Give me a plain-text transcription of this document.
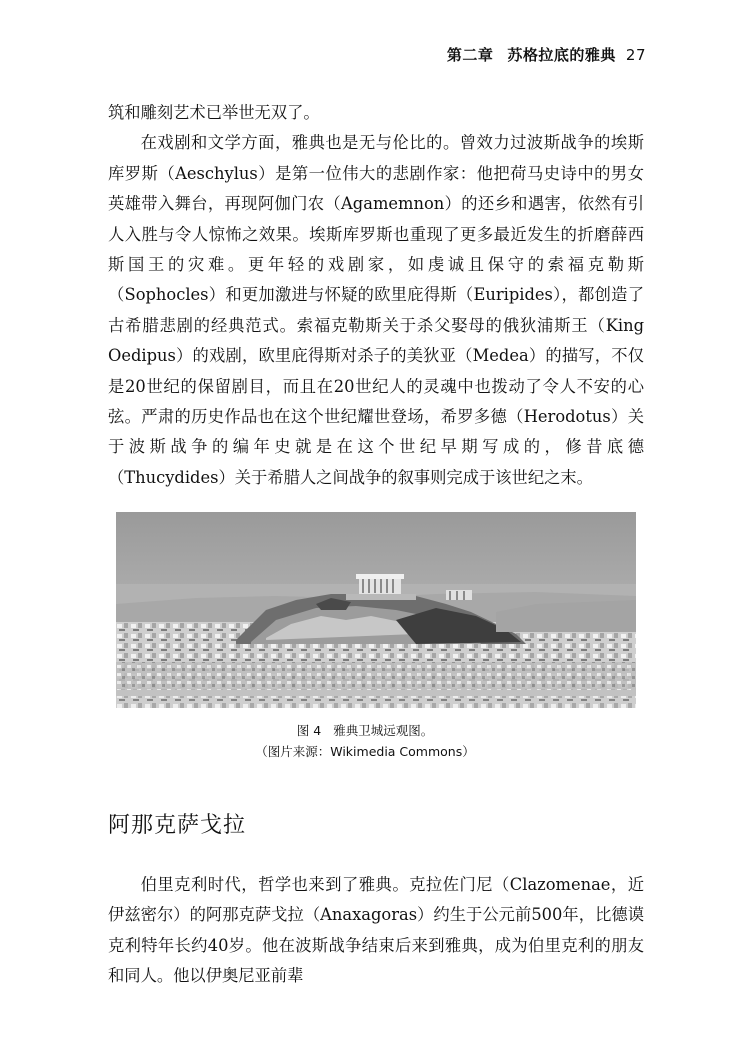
第二章 苏格拉底的雅典 27

筑和雕刻艺术已举世无双了。

在戏剧和文学方面，雅典也是无与伦比的。曾效力过波斯战争的埃斯库罗斯（Aeschylus）是第一位伟大的悲剧作家：他把荷马史诗中的男女英雄带入舞台，再现阿伽门农（Agamemnon）的还乡和遇害，依然有引人入胜与令人惊怖之效果。埃斯库罗斯也重现了更多最近发生的折磨薛西斯国王的灾难。更年轻的戏剧家，如虔诚且保守的索福克勒斯（Sophocles）和更加激进与怀疑的欧里庇得斯（Euripides），都创造了古希腊悲剧的经典范式。索福克勒斯关于杀父娶母的俄狄浦斯王（King Oedipus）的戏剧，欧里庇得斯对杀子的美狄亚（Medea）的描写，不仅是20世纪的保留剧目，而且在20世纪人的灵魂中也拨动了令人不安的心弦。严肃的历史作品也在这个世纪耀世登场，希罗多德（Herodotus）关于波斯战争的编年史就是在这个世纪早期写成的，修昔底德（Thucydides）关于希腊人之间战争的叙事则完成于该世纪之末。

图 4 雅典卫城远观图。
（图片来源：Wikimedia Commons）
阿那克萨戈拉

伯里克利时代，哲学也来到了雅典。克拉佐门尼（Clazomenae，近伊兹密尔）的阿那克萨戈拉（Anaxagoras）约生于公元前500年，比德谟克利特年长约40岁。他在波斯战争结束后来到雅典，成为伯里克利的朋友和同人。他以伊奥尼亚前辈
